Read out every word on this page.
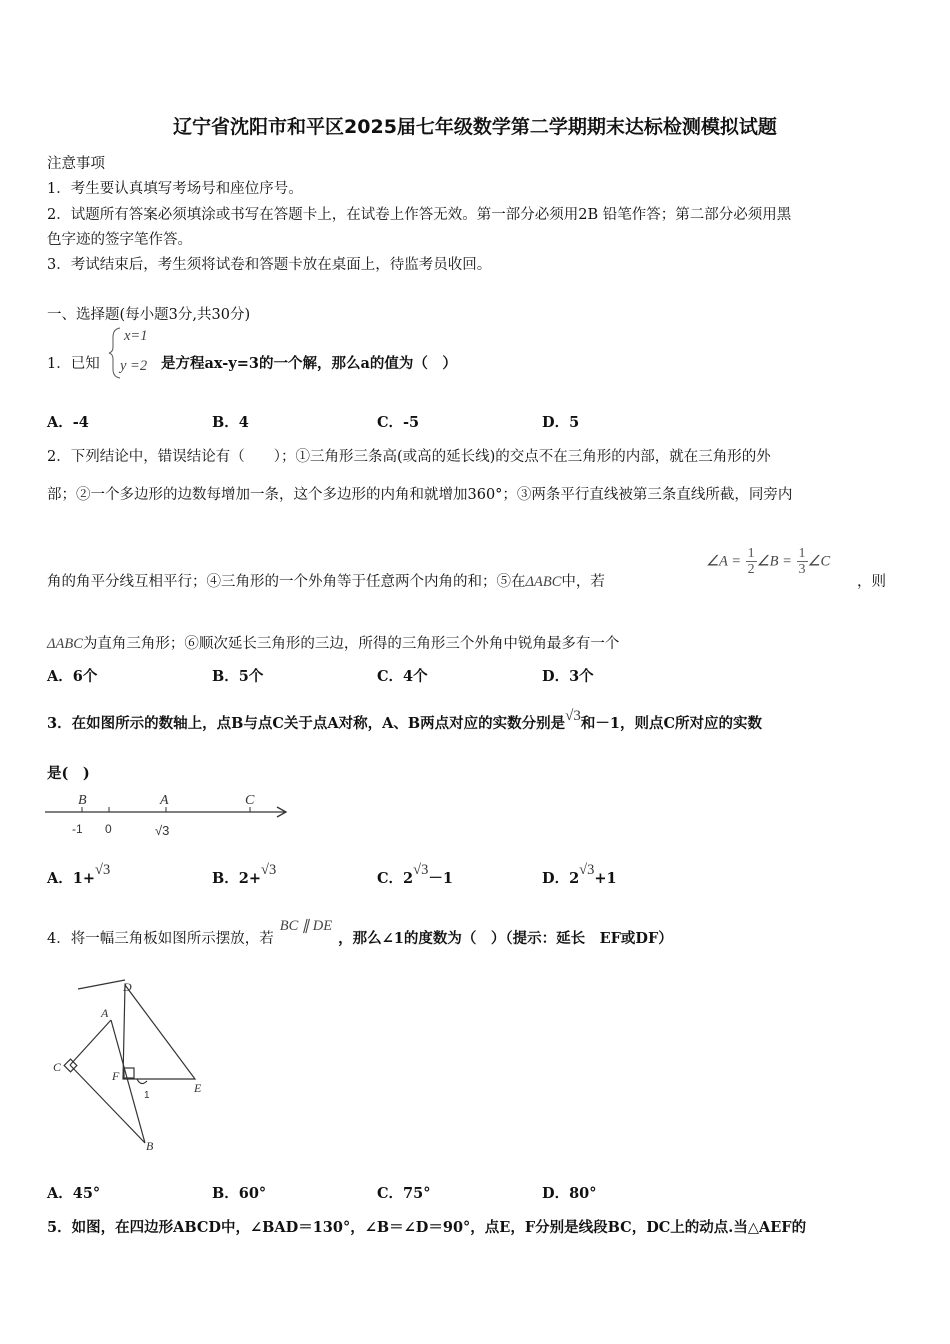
辽宁省沈阳市和平区2025届七年级数学第二学期期末达标检测模拟试题
注意事项
1．考生要认真填写考场号和座位序号。
2．试题所有答案必须填涂或书写在答题卡上，在试卷上作答无效。第一部分必须用2B 铅笔作答；第二部分必须用黑
色字迹的签字笔作答。
3．考试结束后，考生须将试卷和答题卡放在桌面上，待监考员收回。
一、选择题(每小题3分,共30分)
1．已知
x=1
y =2 是方程ax-y=3的一个解，那么a的值为（　）
A．-4	B．4	C．-5	D．5
2．下列结论中，错误结论有（　　）；①三角形三条高(或高的延长线)的交点不在三角形的内部，就在三角形的外
部；②一个多边形的边数每增加一条，这个多边形的内角和就增加360°；③两条平行直线被第三条直线所截，同旁内
角的角平分线互相平行；④三角形的一个外角等于任意两个内角的和；⑤在ΔABC中，若
∠A = $\frac{1}{2}$ ∠B = $\frac{1}{3}$ ∠C
，则
ΔABC为直角三角形；⑥顺次延长三角形的三边，所得的三角形三个外角中锐角最多有一个
A．6个	B．5个	C．4个	D．3个
3．在如图所示的数轴上，点B与点C关于点A对称，A、B两点对应的实数分别是√3和－1，则点C所对应的实数
是(　)
B	A	C
-1 0	√3
A．1+√3	B．2+√3	C．2√3－1	D．2√3+1
4．将一幅三角板如图所示摆放，若BC ∥ DE，那么∠1的度数为（　）（提示：延长　EF或DF）
D
A
C
F
E
B
1
A．45°	B．60°	C．75°	D．80°
5．如图，在四边形ABCD中，∠BAD＝130°，∠B＝∠D＝90°，点E，F分别是线段BC，DC上的动点.当△AEF的
